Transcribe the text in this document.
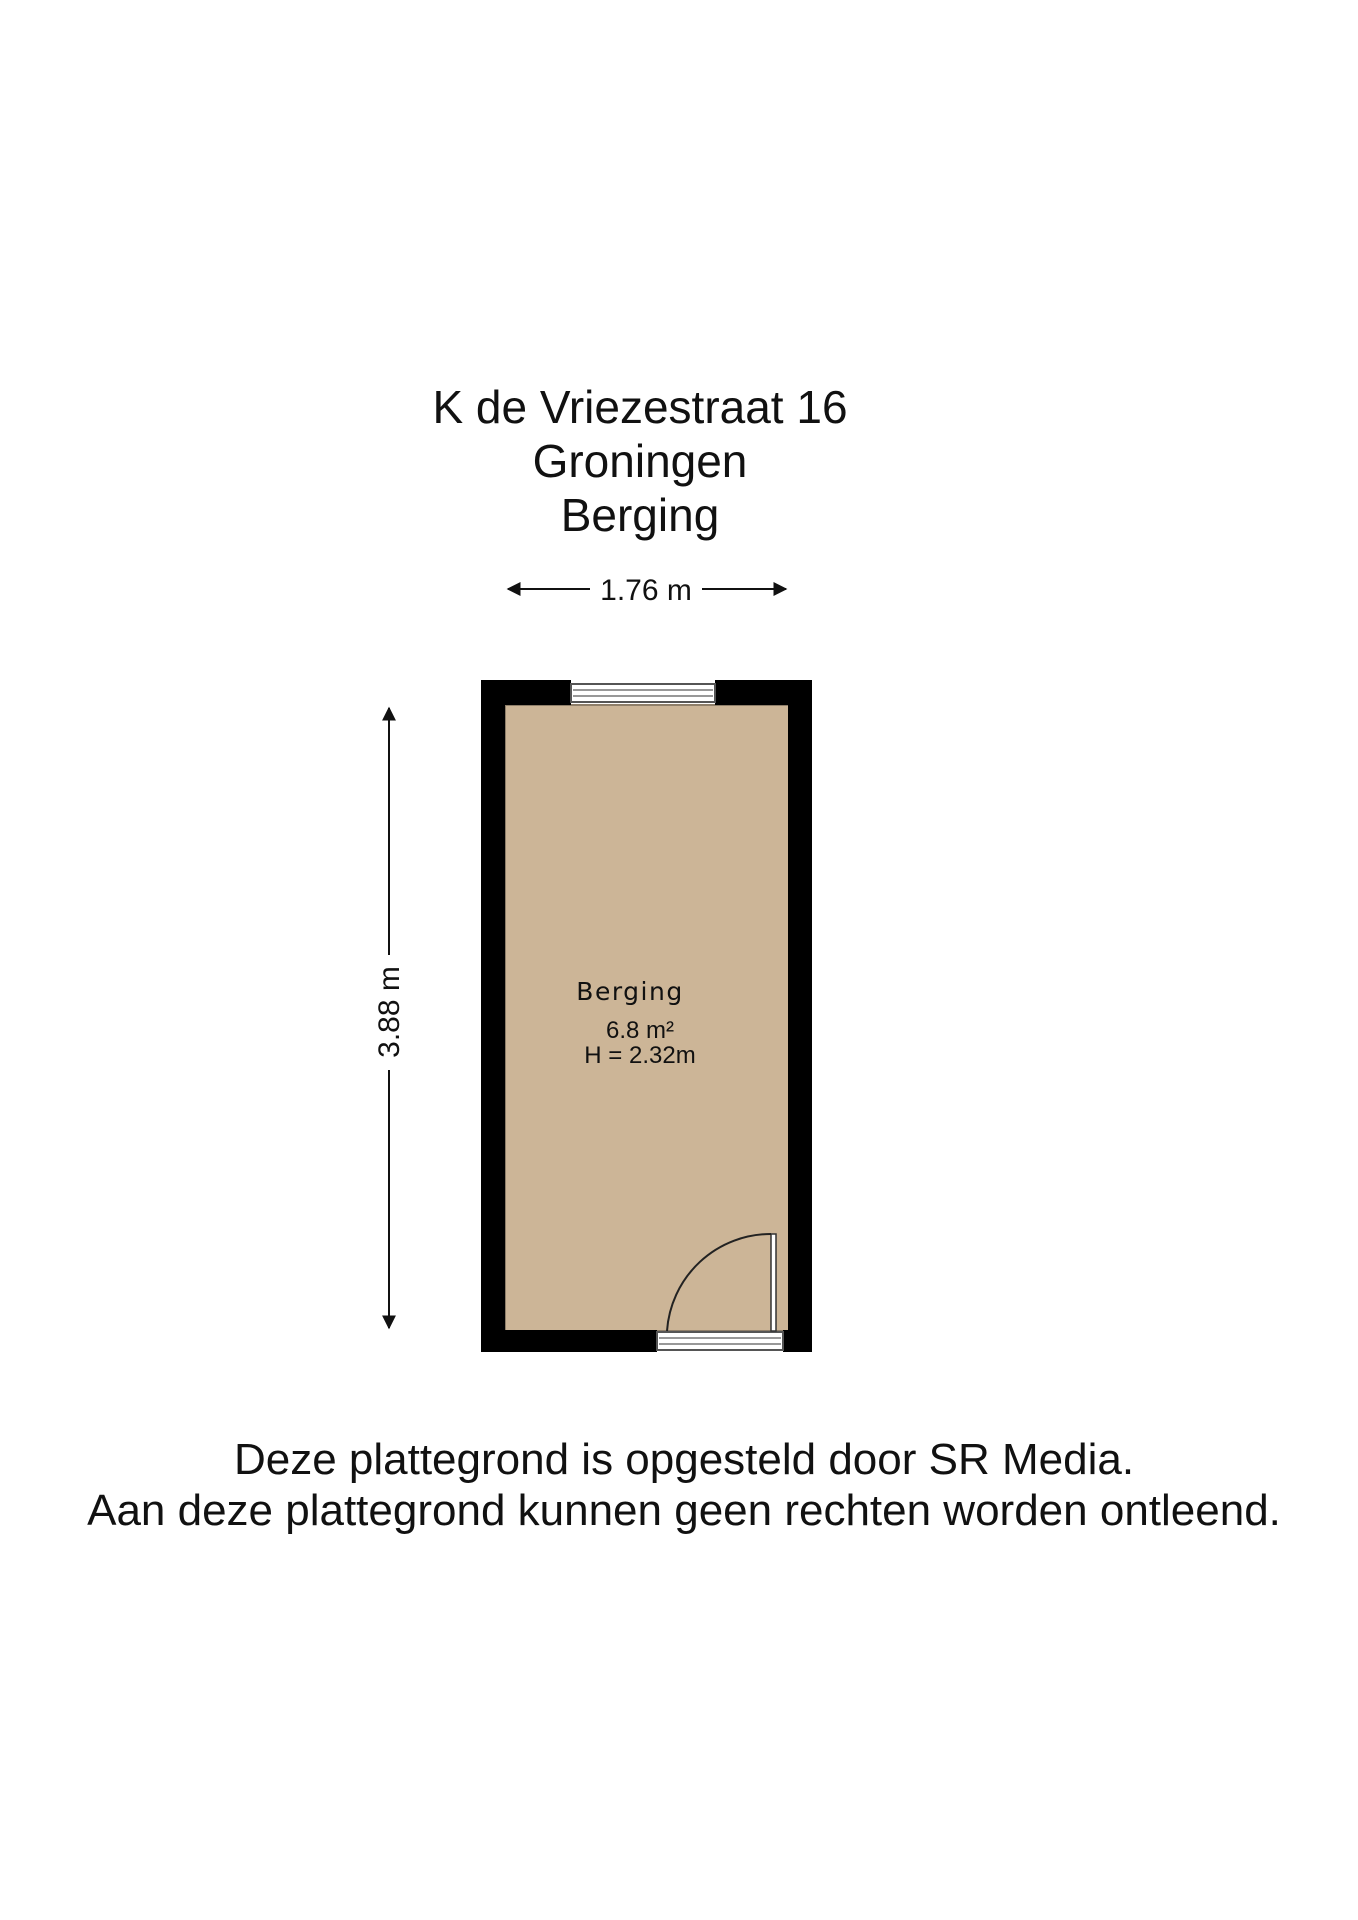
K de Vriezestraat 16
Groningen
Berging
1.76 m
3.88 m	Berging
6.8 m²
H = 2.32m
Deze plattegrond is opgesteld door SR Media.
Aan deze plattegrond kunnen geen rechten worden ontleend.
